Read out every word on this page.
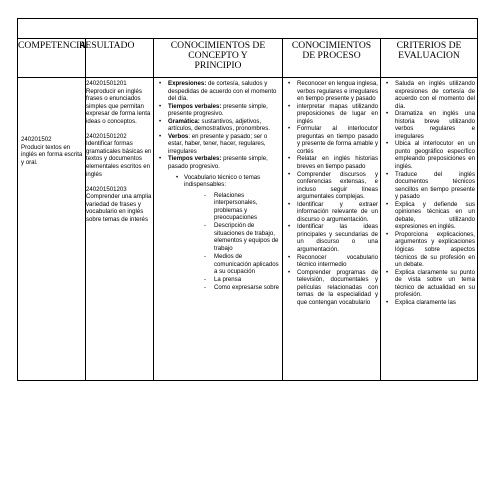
COMPETENCIA
RESULTADO	CONOCIMIENTOS DE CONCEPTO Y PRINCIPIO
CONOCIMIENTOS DE PROCESO
CRITERIOS DE EVALUACION
240201502
Producir textos en inglés en forma escrita y oral.
240201501201
Reproducir en inglés frases o enunciados simples que permitan expresar de forma lenta ideas o conceptos.
240201501202
Identificar formas gramaticales básicas en textos y documentos elementales escritos en inglés
240201501203
Comprender una amplia variedad de frases y vocabulario en inglés sobre temas de interés
• Expresiones: de cortesía, saludos y despedidas de acuerdo con el momento del día.
• Tiempos verbales: presente simple, presente progresivo.
• Gramática: sustantivos, adjetivos, artículos, demostrativos, pronombres.
• Verbos: en presente y pasado; ser o estar, haber, tener, hacer, regulares, irregulares
• Tiempos verbales: presente simple, pasado progresivo.
• Vocabulario técnico o temas indispensables:
- Relaciones interpersonales, problemas y preocupaciones
- Descripción de situaciones de trabajo, elementos y equipos de trabajo
- Medios de comunicación aplicados a su ocupación
- La prensa
- Como expresarse sobre
• Reconocer en lengua inglesa, verbos regulares e irregulares en tiempo presente y pasado
• interpretar mapas utilizando preposiciones de lugar en inglés
• Formular al interlocutor preguntas en tiempo pasado y presente de forma amable y cortés
• Relatar en inglés historias breves en tiempo pasado
• Comprender discursos y conferencias extensas, e incluso seguir líneas argumentales complejas.
• Identificar y extraer información relevante de un discurso o argumentación.
• Identificar las ideas principales y secundarias de un discurso o una argumentación.
• Reconocer vocabulario técnico intermedio
• Comprender programas de televisión, documentales y películas relacionadas con temas de la especialidad y que contengan vocabulario
• Saluda en inglés utilizando expresiones de cortesía de acuerdo con el momento del día.
• Dramatiza en inglés una historia breve utilizando verbos regulares e irregulares
• Ubica al interlocutor en un punto geográfico específico empleando preposiciones en inglés.
• Traduce del inglés documentos técnicos sencillos en tiempo presente y pasado
• Explica y defiende sus opiniones técnicas en un debate, utilizando expresiones en inglés.
• Proporciona explicaciones, argumentos y explicaciones lógicas sobre aspectos técnicos de su profesión en un debate.
• Explica claramente su punto de vista sobre un tema técnico de actualidad en su profesión.
• Explica claramente las
